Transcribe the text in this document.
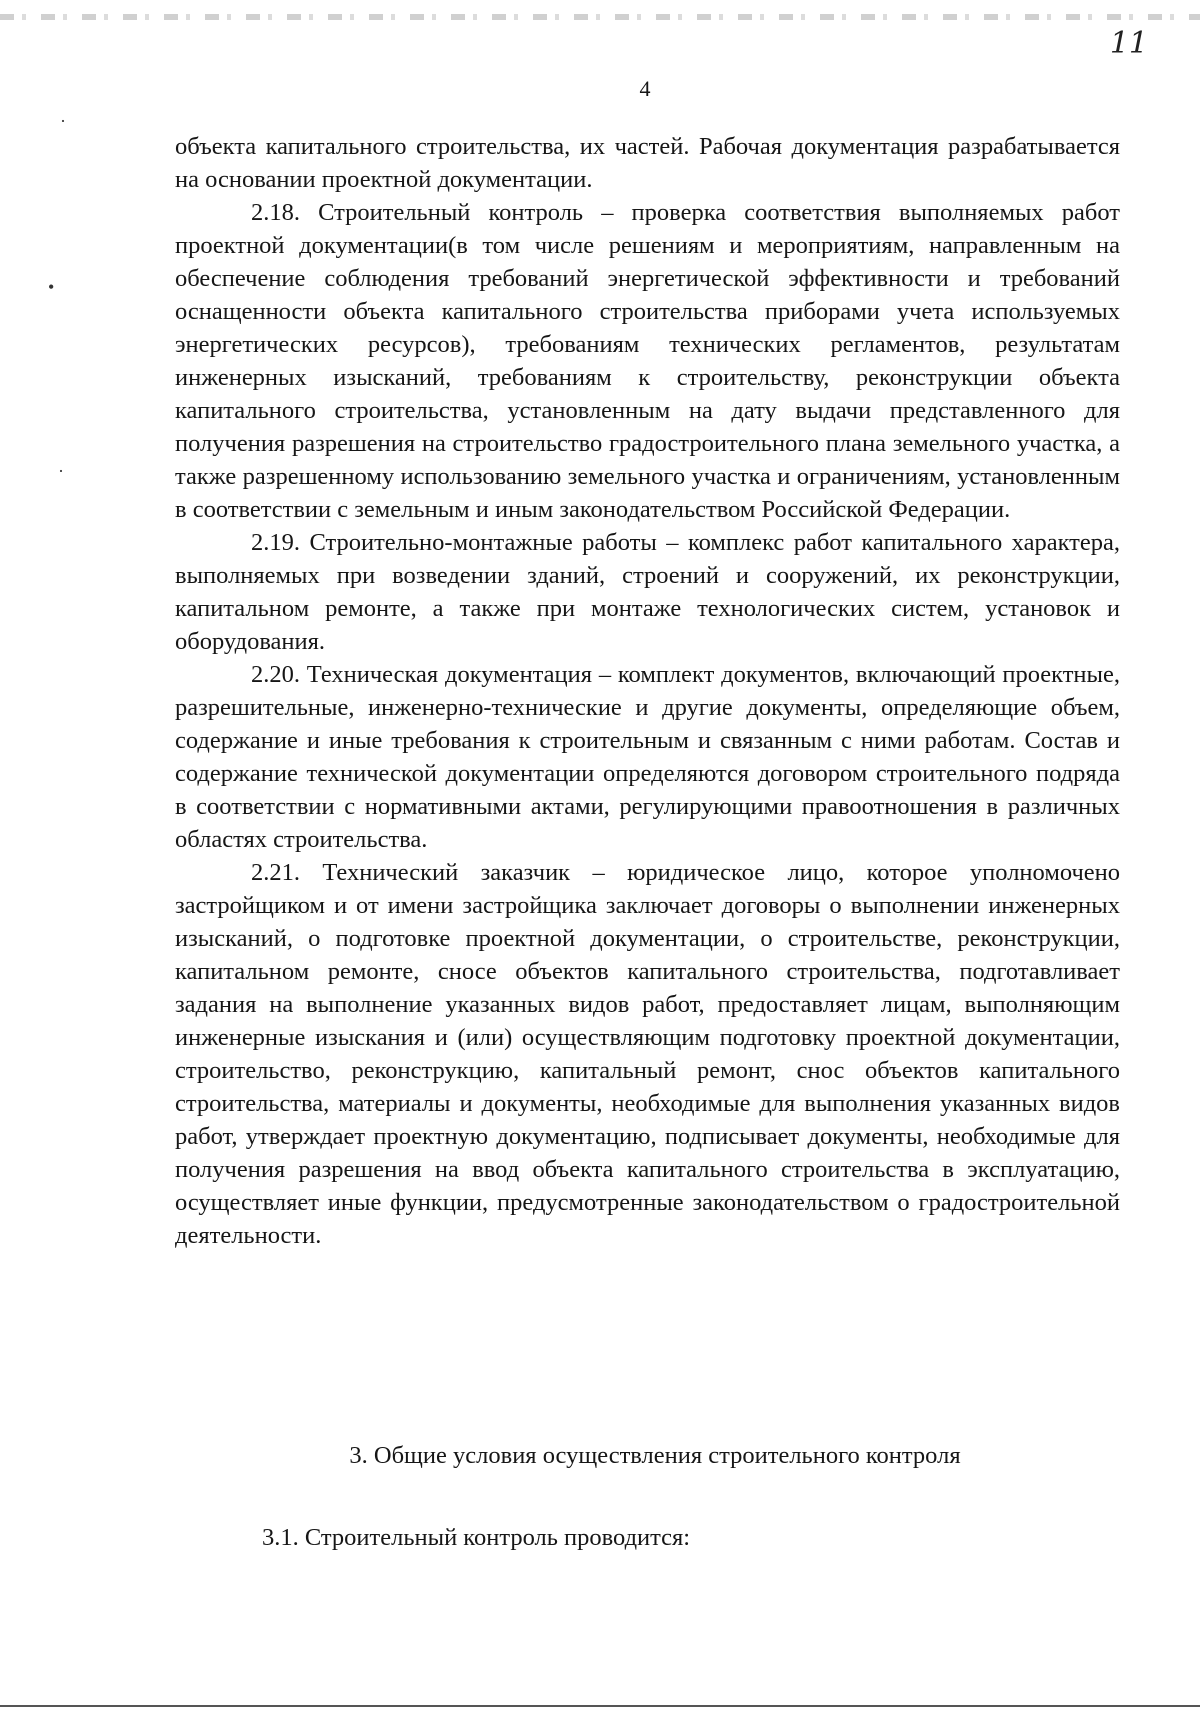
11
4
·
•
·

объекта капитального строительства, их частей. Рабочая документация разрабатывается на основании проектной документации.

2.18. Строительный контроль – проверка соответствия выполняемых работ проектной документации(в том числе решениям и мероприятиям, направленным на обеспечение соблюдения требований энергетической эффективности и требований оснащенности объекта капитального строительства приборами учета используемых энергетических ресурсов), требованиям технических регламентов, результатам инженерных изысканий, требованиям к строительству, реконструкции объекта капитального строительства, установленным на дату выдачи представленного для получения разрешения на строительство градостроительного плана земельного участка, а также разрешенному использованию земельного участка и ограничениям, установленным в соответствии с земельным и иным законодательством Российской Федерации.

2.19. Строительно-монтажные работы – комплекс работ капитального характера, выполняемых при возведении зданий, строений и сооружений, их реконструкции, капитальном ремонте, а также при монтаже технологических систем, установок и оборудования.

2.20. Техническая документация – комплект документов, включающий проектные, разрешительные, инженерно-технические и другие документы, определяющие объем, содержание и иные требования к строительным и связанным с ними работам. Состав и содержание технической документации определяются договором строительного подряда в соответствии с нормативными актами, регулирующими правоотношения в различных областях строительства.

2.21. Технический заказчик – юридическое лицо, которое уполномочено застройщиком и от имени застройщика заключает договоры о выполнении инженерных изысканий, о подготовке проектной документации, о строительстве, реконструкции, капитальном ремонте, сносе объектов капитального строительства, подготавливает задания на выполнение указанных видов работ, предоставляет лицам, выполняющим инженерные изыскания и (или) осуществляющим подготовку проектной документации, строительство, реконструкцию, капитальный ремонт, снос объектов капитального строительства, материалы и документы, необходимые для выполнения указанных видов работ, утверждает проектную документацию, подписывает документы, необходимые для получения разрешения на ввод объекта капитального строительства в эксплуатацию, осуществляет иные функции, предусмотренные законодательством о градостроительной деятельности.

3. Общие условия осуществления строительного контроля

3.1. Строительный контроль проводится:
